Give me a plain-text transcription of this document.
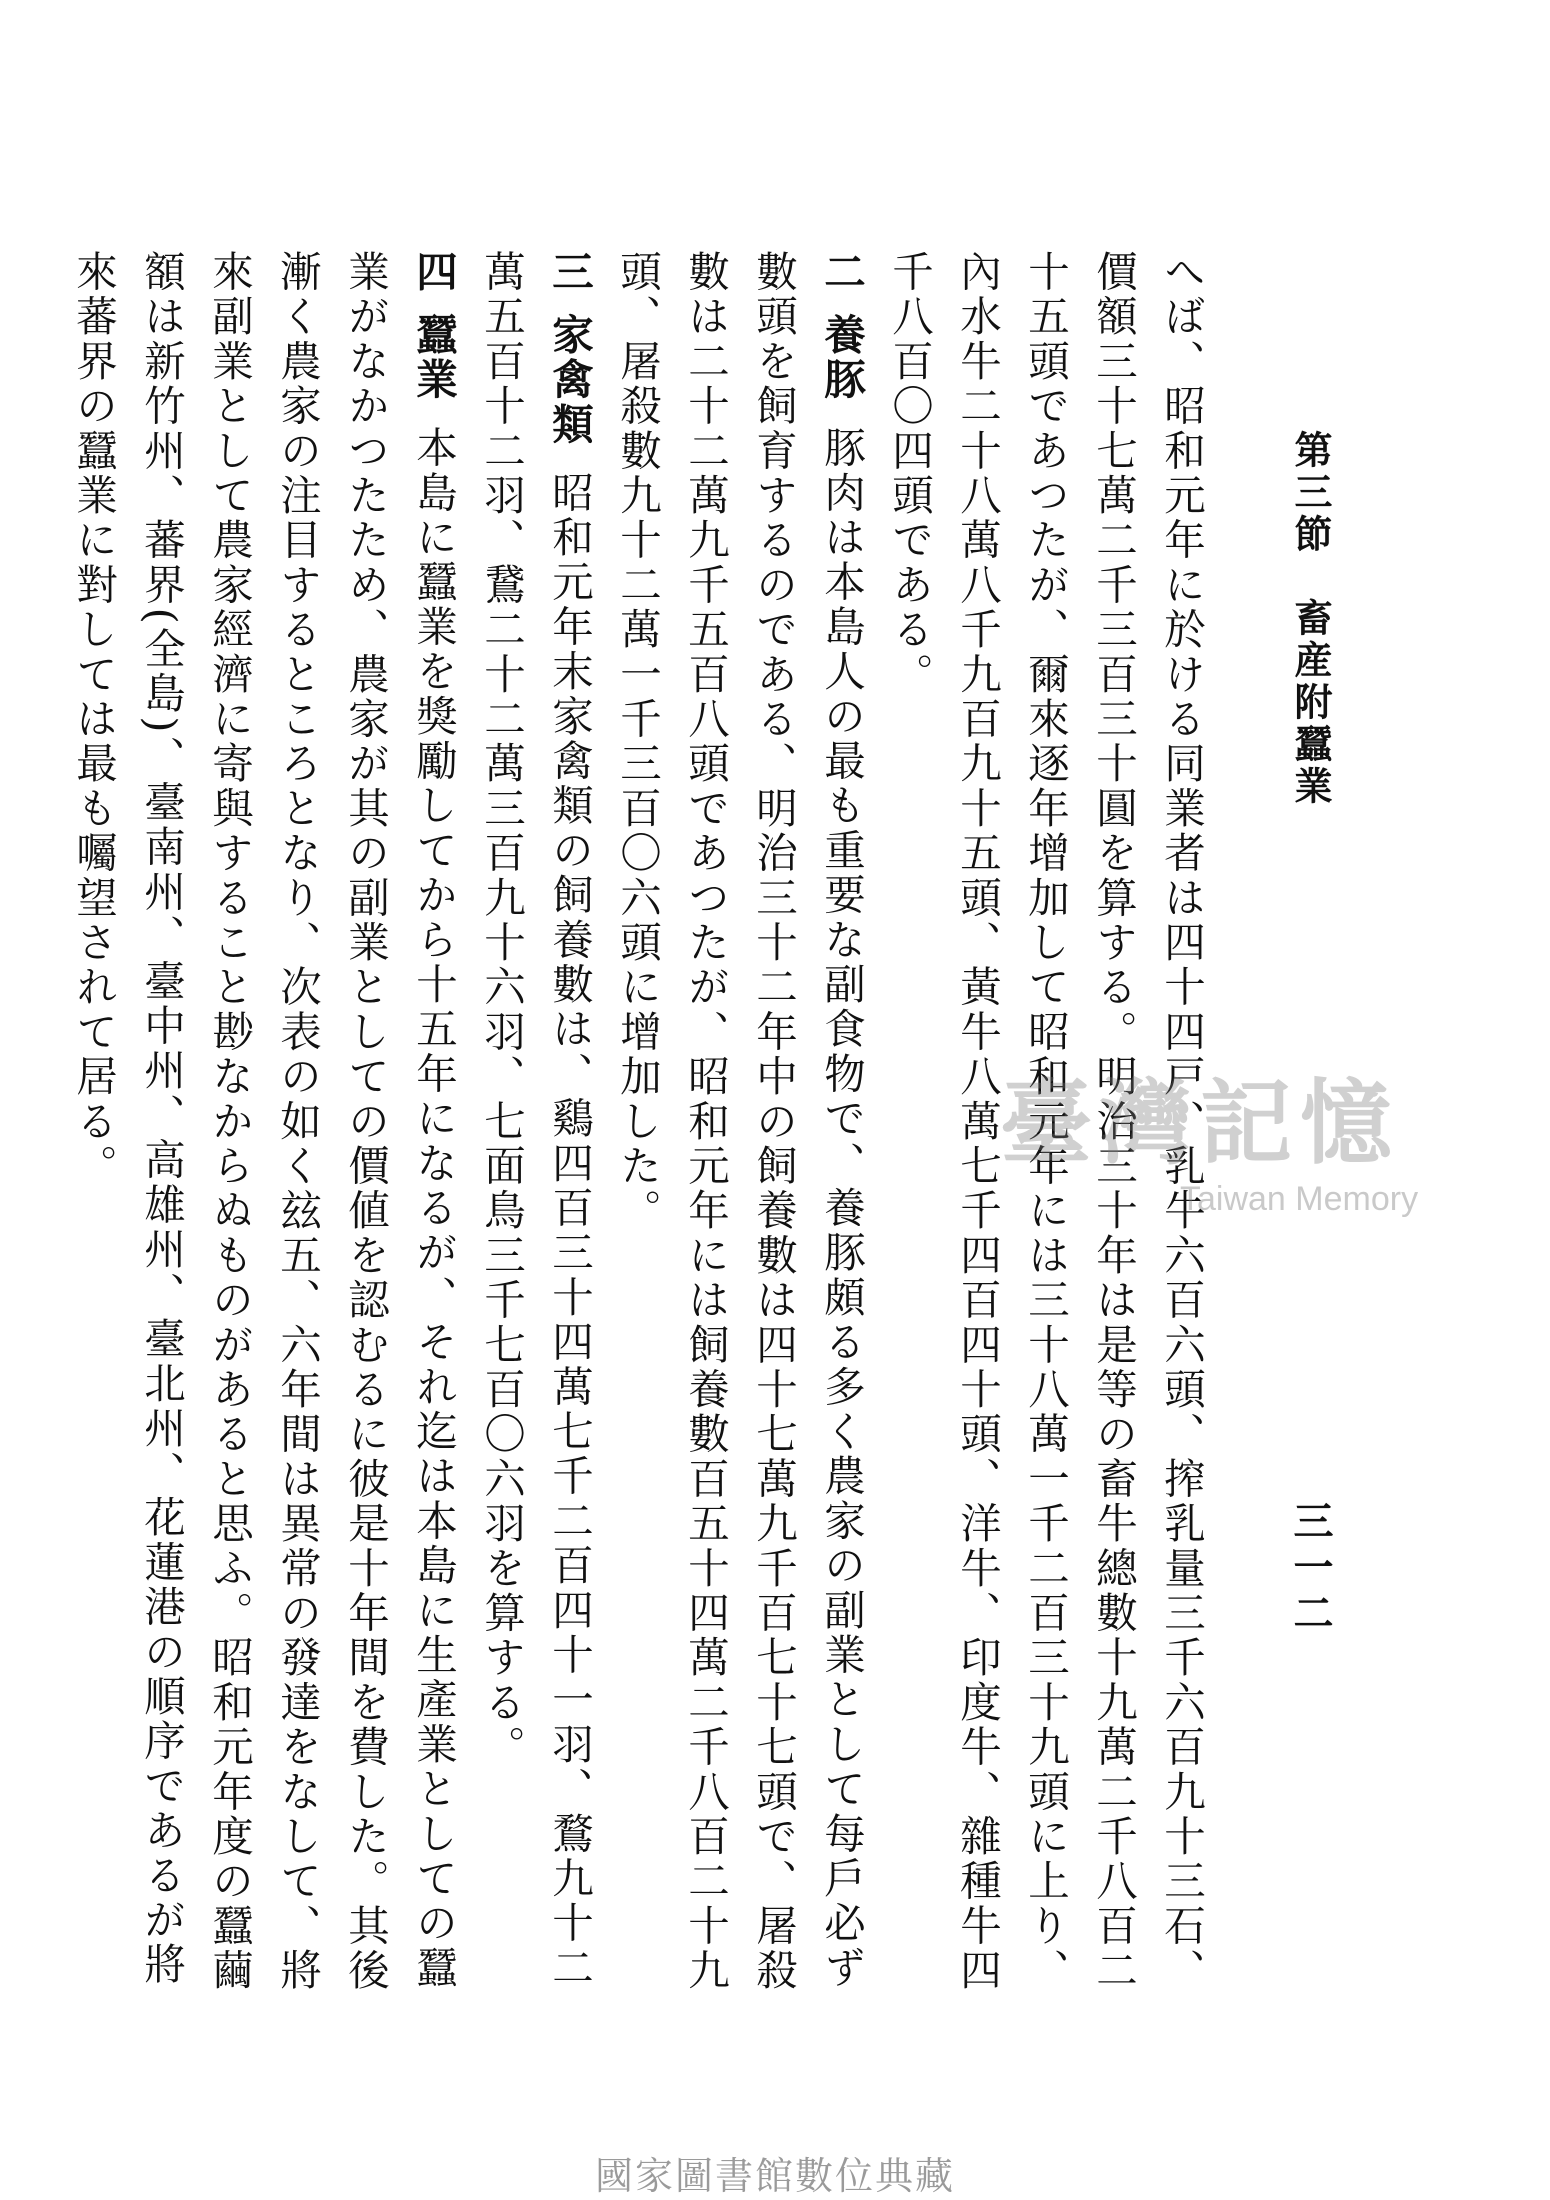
第三節　畜産附蠶業
三一二

へば、昭和元年に於ける同業者は四十四戸、乳牛六百六頭、搾乳量三千六百九十三石、價額三十七萬二千三百三十圓を算する。明治三十年は是等の畜牛總數十九萬二千八百二十五頭であつたが、爾來逐年增加して昭和元年には三十八萬一千二百三十九頭に上り、內水牛二十八萬八千九百九十五頭、黃牛八萬七千四百四十頭、洋牛、印度牛、雜種牛四千八百〇四頭である。

二養豚豚肉は本島人の最も重要な副食物で、養豚頗る多く農家の副業として每戶必ず數頭を飼育するのである、明治三十二年中の飼養數は四十七萬九千百七十七頭で、屠殺數は二十二萬九千五百八頭であつたが、昭和元年には飼養數百五十四萬二千八百二十九頭、屠殺數九十二萬一千三百〇六頭に增加した。

三家禽類昭和元年末家禽類の飼養數は、鷄四百三十四萬七千二百四十一羽、鶩九十二萬五百十二羽、鵞二十二萬三百九十六羽、七面鳥三千七百〇六羽を算する。

四蠶業本島に蠶業を獎勵してから十五年になるが、それ迄は本島に生產業としての蠶業がなかつたため、農家が其の副業としての價値を認むるに彼是十年間を費した。其後漸く農家の注目するところとなり、次表の如く玆五、六年間は異常の發達をなして、將來副業として農家經濟に寄與すること尠なからぬものがあると思ふ。昭和元年度の蠶繭額は新竹州、蕃界(全島)、臺南州、臺中州、高雄州、臺北州、花蓮港の順序であるが將來蕃界の蠶業に對しては最も囑望されて居る。	臺灣記憶
Taiwan Memory
國家圖書館數位典藏
